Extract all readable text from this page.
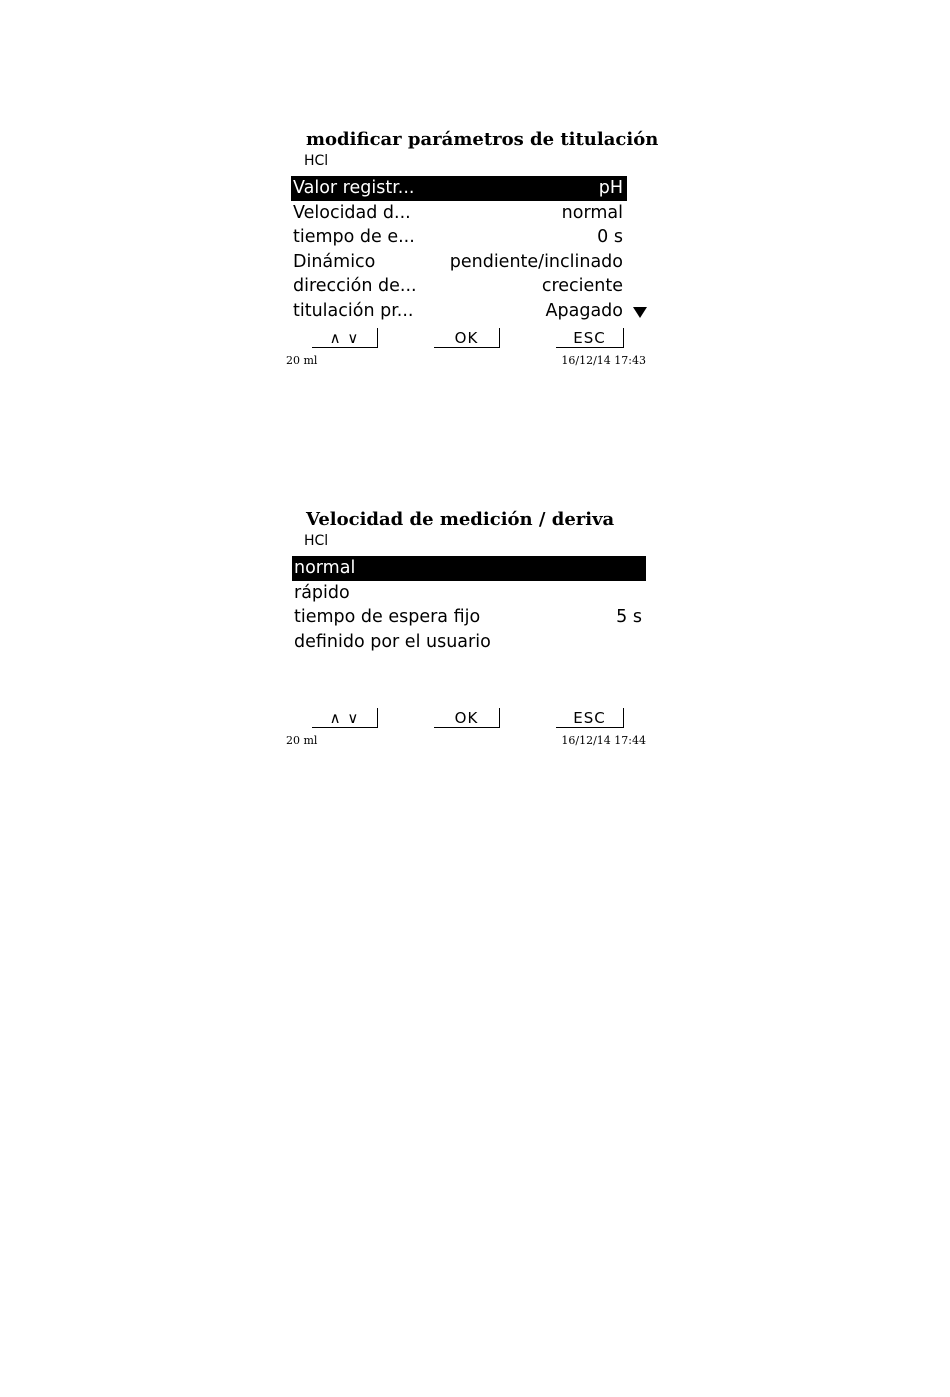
modificar parámetros de titulación
HCl
Valor registr...	pH
Velocidad d...	normal
tiempo de e...	0 s
Dinámico	pendiente/inclinado
dirección de...	creciente
titulación pr...	Apagado
∧ ∨	OK	ESC
20 ml	16/12/14 17:43
Velocidad de medición / deriva
HCl
normal
rápido
tiempo de espera fijo	5 s
definido por el usuario
∧ ∨	OK	ESC
20 ml	16/12/14 17:44
